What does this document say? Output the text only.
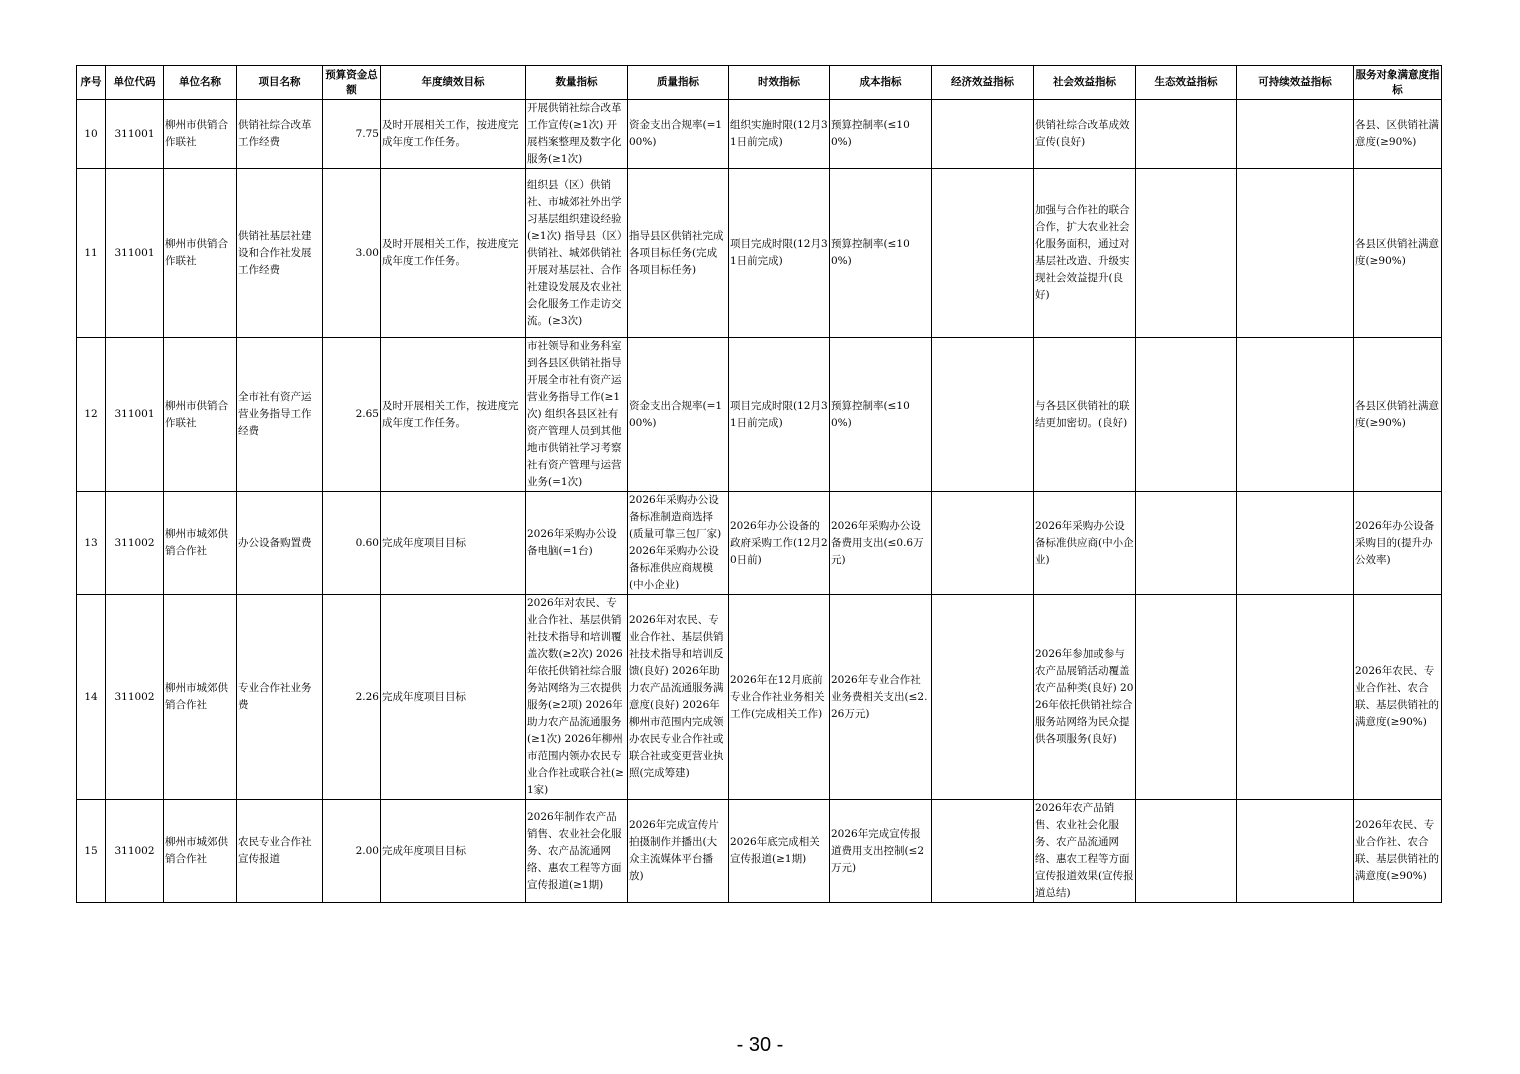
序号	单位代码	单位名称	项目名称	预算资金总额	年度绩效目标	数量指标	质量指标	时效指标	成本指标	经济效益指标	社会效益指标	生态效益指标	可持续效益指标	服务对象满意度指标
10	311001	柳州市供销合作联社	供销社综合改革工作经费	7.75	及时开展相关工作，按进度完成年度工作任务。	开展供销社综合改革工作宣传(≥1次) 开展档案整理及数字化服务(≥1次)	资金支出合规率(=100%)	组织实施时限(12月31日前完成)	预算控制率(≤100%)		供销社综合改革成效宣传(良好)			各县、区供销社满意度(≥90%)
11	311001	柳州市供销合作联社	供销社基层社建设和合作社发展工作经费	3.00	及时开展相关工作，按进度完成年度工作任务。	组织县（区）供销社、市城郊社外出学习基层组织建设经验(≥1次) 指导县（区）供销社、城郊供销社开展对基层社、合作社建设发展及农业社会化服务工作走访交流。(≥3次)	指导县区供销社完成各项目标任务(完成各项目标任务)	项目完成时限(12月31日前完成)	预算控制率(≤100%)		加强与合作社的联合合作，扩大农业社会化服务面积，通过对基层社改造、升级实现社会效益提升(良好)			各县区供销社满意度(≥90%)
12	311001	柳州市供销合作联社	全市社有资产运营业务指导工作经费	2.65	及时开展相关工作，按进度完成年度工作任务。	市社领导和业务科室到各县区供销社指导开展全市社有资产运营业务指导工作(≥1次) 组织各县区社有资产管理人员到其他地市供销社学习考察社有资产管理与运营业务(=1次)	资金支出合规率(=100%)	项目完成时限(12月31日前完成)	预算控制率(≤100%)		与各县区供销社的联结更加密切。(良好)			各县区供销社满意度(≥90%)
13	311002	柳州市城郊供销合作社	办公设备购置费	0.60	完成年度项目目标	2026年采购办公设备电脑(=1台)	2026年采购办公设备标准制造商选择(质量可靠三包厂家) 2026年采购办公设备标准供应商规模(中小企业)	2026年办公设备的政府采购工作(12月20日前)	2026年采购办公设备费用支出(≤0.6万元)		2026年采购办公设备标准供应商(中小企业)			2026年办公设备采购目的(提升办公效率)
14	311002	柳州市城郊供销合作社	专业合作社业务费	2.26	完成年度项目目标	2026年对农民、专业合作社、基层供销社技术指导和培训覆盖次数(≥2次) 2026年依托供销社综合服务站网络为三农提供服务(≥2项) 2026年助力农产品流通服务(≥1次) 2026年柳州市范围内领办农民专业合作社或联合社(≥1家)	2026年对农民、专业合作社、基层供销社技术指导和培训反馈(良好) 2026年助力农产品流通服务满意度(良好) 2026年柳州市范围内完成领办农民专业合作社或联合社或变更营业执照(完成筹建)	2026年在12月底前专业合作社业务相关工作(完成相关工作)	2026年专业合作社业务费相关支出(≤2.26万元)		2026年参加或参与农产品展销活动覆盖农产品种类(良好) 2026年依托供销社综合服务站网络为民众提供各项服务(良好)			2026年农民、专业合作社、农合联、基层供销社的满意度(≥90%)
15	311002	柳州市城郊供销合作社	农民专业合作社宣传报道	2.00	完成年度项目目标	2026年制作农产品销售、农业社会化服务、农产品流通网络、惠农工程等方面宣传报道(≥1期)	2026年完成宣传片拍摄制作并播出(大众主流媒体平台播放)	2026年底完成相关宣传报道(≥1期)	2026年完成宣传报道费用支出控制(≤2万元)		2026年农产品销售、农业社会化服务、农产品流通网络、惠农工程等方面宣传报道效果(宣传报道总结)			2026年农民、专业合作社、农合联、基层供销社的满意度(≥90%)
- 30 -
